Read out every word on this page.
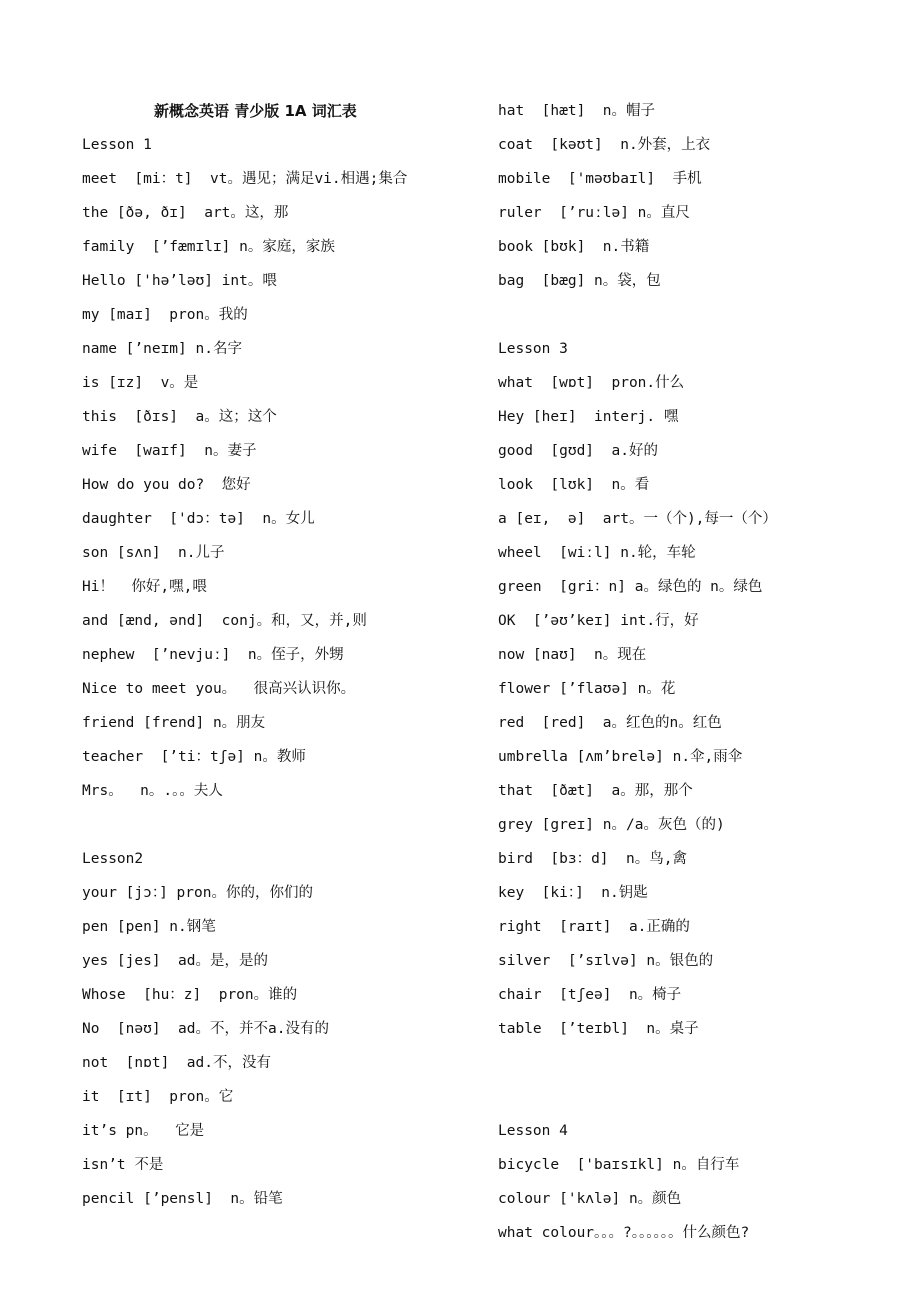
新概念英语 青少版 1A 词汇表
Lesson 1
meet  [mi：t]  vt。遇见；满足vi.相遇;集合
the [ðə, ðɪ]  art。这，那
family  [’fæmɪlɪ] n。家庭，家族
Hello ['hə’ləʊ] int。喂
my [maɪ]  pron。我的
name [’neɪm] n.名字
is [ɪz]  v。是
this  [ðɪs]  a。这；这个
wife  [waɪf]  n。妻子
How do you do?  您好
daughter  ['dɔ：tə]  n。女儿
son [sʌn]  n.儿子
Hi！  你好,嘿,喂
and [ænd, ənd]  conj。和，又，并,则
nephew  [’nevjuː]  n。侄子，外甥
Nice to meet you。  很高兴认识你。
friend [frend] n。朋友
teacher  [’ti：tʃə] n。教师
Mrs。  n。.。。夫人
Lesson2
your [jɔ：] pron。你的，你们的
pen [pen] n.钢笔
yes [jes]  ad。是，是的
Whose  [hu：z]  pron。谁的
No  [nəʊ]  ad。不，并不a.没有的
not  [nɒt]  ad.不，没有
it  [ɪt]  pron。它
it’s pn。  它是
isn’t 不是
pencil [’pensl]  n。铅笔
hat  [hæt]  n。帽子
coat  [kəʊt]  n.外套，上衣
mobile  ['məʊbaɪl]  手机
ruler  [’ruːlə] n。直尺
book [bʊk]  n.书籍
bag  [bæg] n。袋，包
Lesson 3
what  [wɒt]  pron.什么
Hey [heɪ]  interj. 嘿
good  [gʊd]  a.好的
look  [lʊk]  n。看
a [eɪ,  ə]  art。一（个),每一（个）
wheel  [wiːl] n.轮，车轮
green  [gri：n] a。绿色的 n。绿色
OK  [’əʊ’keɪ] int.行，好
now [naʊ]  n。现在
flower [’flaʊə] n。花
red  [red]  a。红色的n。红色
umbrella [ʌm’brelə] n.伞,雨伞
that  [ðæt]  a。那，那个
grey [greɪ] n。/a。灰色（的)
bird  [bɜ：d]  n。鸟,禽
key  [ki：]  n.钥匙
right  [raɪt]  a.正确的
silver  [’sɪlvə] n。银色的
chair  [tʃeə]  n。椅子
table  [’teɪbl]  n。桌子
Lesson 4
bicycle  ['baɪsɪkl] n。自行车
colour ['kʌlə] n。颜色
what colour。。。?。。。。。。什么颜色?
